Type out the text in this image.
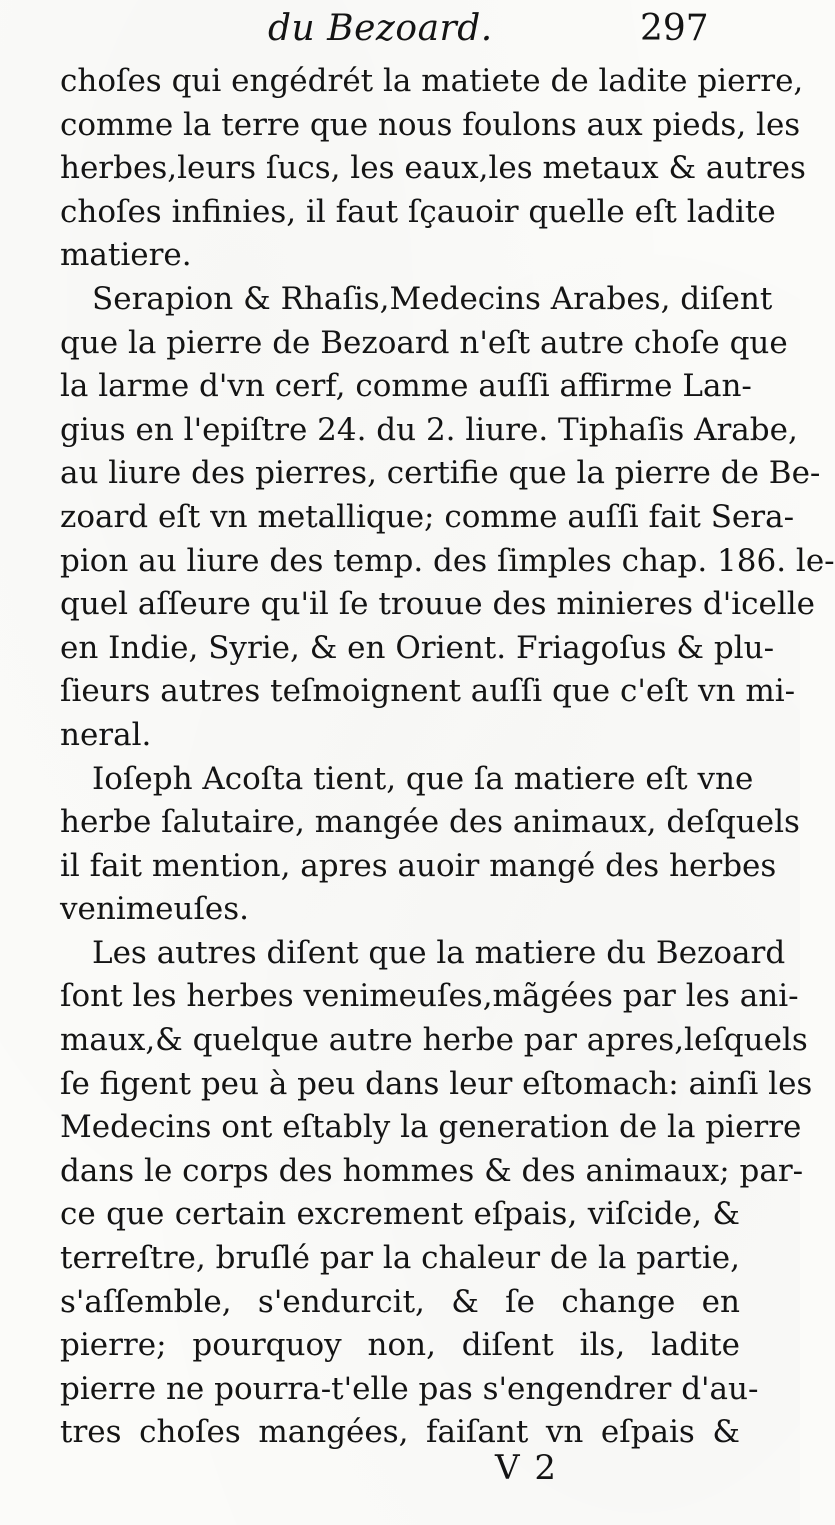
du Bezoard.	297
choſes qui engédrét la matiete de ladite pierre,
comme la terre que nous foulons aux pieds, les
herbes,leurs ſucs, les eaux,les metaux & autres
choſes infinies, il faut ſçauoir quelle eſt ladite
matiere.
Serapion & Rhaſis,Medecins Arabes, diſent
que la pierre de Bezoard n'eſt autre choſe que
la larme d'vn cerf, comme auſſi affirme Lan-
gius en l'epiſtre 24. du 2. liure. Tiphaſis Arabe,
au liure des pierres, certifie que la pierre de Be-
zoard eſt vn metallique; comme auſſi fait Sera-
pion au liure des temp. des ſimples chap. 186. le-
quel aſſeure qu'il ſe trouue des minieres d'icelle
en Indie, Syrie, & en Orient. Friagoſus & plu-
ſieurs autres teſmoignent auſſi que c'eſt vn mi-
neral.
Ioſeph Acoſta tient, que ſa matiere eſt vne
herbe ſalutaire, mangée des animaux, deſquels
il fait mention, apres auoir mangé des herbes
venimeuſes.
Les autres diſent que la matiere du Bezoard
ſont les herbes venimeuſes,mãgées par les ani-
maux,& quelque autre herbe par apres,leſquels
ſe figent peu à peu dans leur eſtomach: ainſi les
Medecins ont eſtably la generation de la pierre
dans le corps des hommes & des animaux; par-
ce que certain excrement eſpais, viſcide, &
terreſtre, bruſlé par la chaleur de la partie,
s'aſſemble, s'endurcit, & ſe change en
pierre; pourquoy non, diſent ils, ladite
pierre ne pourra-t'elle pas s'engendrer d'au-
tres choſes mangées, faiſant vn eſpais &
V 2
